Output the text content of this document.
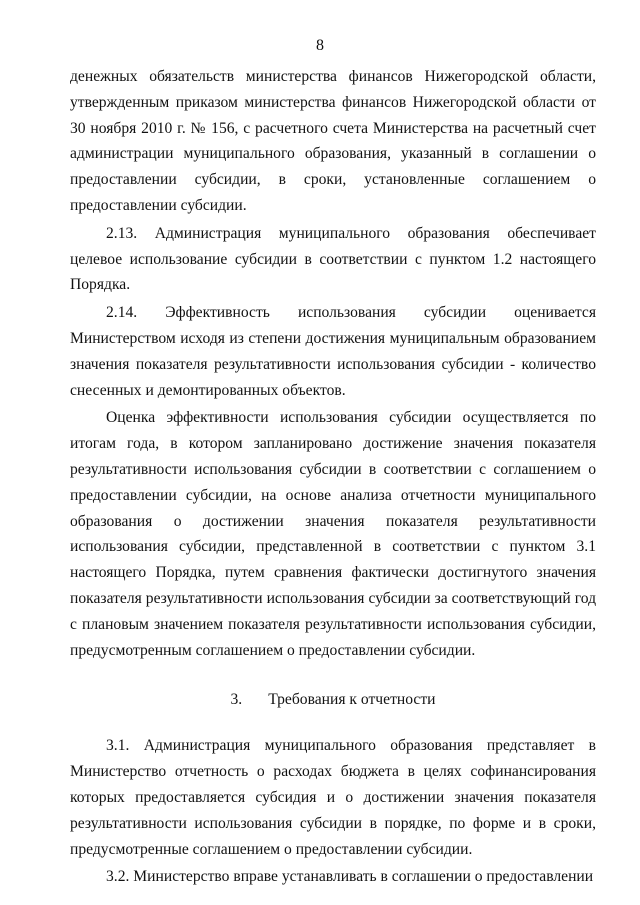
8

денежных обязательств министерства финансов Нижегородской области, утвержденным приказом министерства финансов Нижегородской области от 30 ноября 2010 г. № 156, с расчетного счета Министерства на расчетный счет администрации муниципального образования, указанный в соглашении о предоставлении субсидии, в сроки, установленные соглашением о предоставлении субсидии.

2.13. Администрация муниципального образования обеспечивает целевое использование субсидии в соответствии с пунктом 1.2 настоящего Порядка.

2.14. Эффективность использования субсидии оценивается Министерством исходя из степени достижения муниципальным образованием значения показателя результативности использования субсидии - количество снесенных и демонтированных объектов.

Оценка эффективности использования субсидии осуществляется по итогам года, в котором запланировано достижение значения показателя результативности использования субсидии в соответствии с соглашением о предоставлении субсидии, на основе анализа отчетности муниципального образования о достижении значения показателя результативности использования субсидии, представленной в соответствии с пунктом 3.1 настоящего Порядка, путем сравнения фактически достигнутого значения показателя результативности использования субсидии за соответствующий год с плановым значением показателя результативности использования субсидии, предусмотренным соглашением о предоставлении субсидии.

3. Требования к отчетности

3.1. Администрация муниципального образования представляет в Министерство отчетность о расходах бюджета в целях софинансирования которых предоставляется субсидия и о достижении значения показателя результативности использования субсидии в порядке, по форме и в сроки, предусмотренные соглашением о предоставлении субсидии.

3.2. Министерство вправе устанавливать в соглашении о предоставлении
